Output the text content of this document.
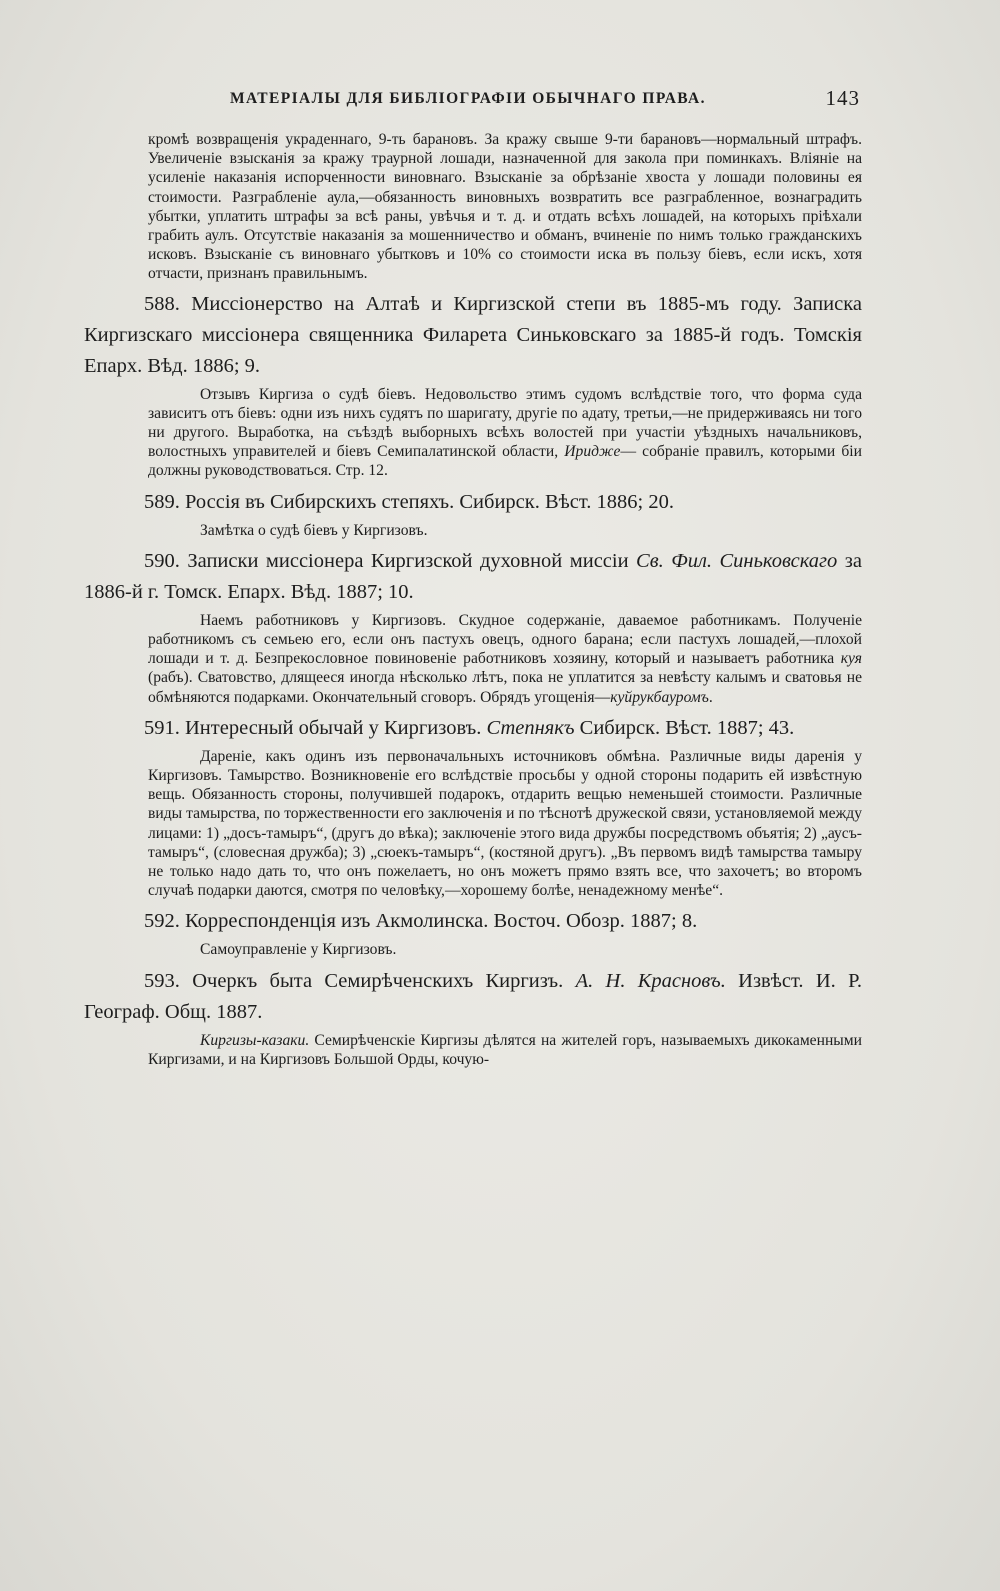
МАТЕРІАЛЫ ДЛЯ БИБЛІОГРАФІИ ОБЫЧНАГО ПРАВА.	143

кромѣ возвращенія украденнаго, 9-ть барановъ. За кражу свыше 9-ти барановъ—нормальный штрафъ. Увеличеніе взысканія за кражу траурной лошади, назначенной для закола при поминкахъ. Вліяніе на усиленіе наказанія испорченности виновнаго. Взысканіе за обрѣзаніе хвоста у лошади половины ея стоимости. Разграбленіе аула,—обязанность виновныхъ возвратить все разграбленное, вознаградить убытки, уплатить штрафы за всѣ раны, увѣчья и т. д. и отдать всѣхъ лошадей, на которыхъ пріѣхали грабить аулъ. Отсутствіе наказанія за мошенничество и обманъ, вчиненіе по нимъ только гражданскихъ исковъ. Взысканіе съ виновнаго убытковъ и 10% со стоимости иска въ пользу біевъ, если искъ, хотя отчасти, признанъ правильнымъ.

588. Миссіонерство на Алтаѣ и Киргизской степи въ 1885-мъ году. Записка Киргизскаго миссіонера священника Филарета Синьковскаго за 1885-й годъ. Томскія Епарх. Вѣд. 1886; 9.

Отзывъ Киргиза о судѣ біевъ. Недовольство этимъ судомъ вслѣдствіе того, что форма суда зависитъ отъ біевъ: одни изъ нихъ судятъ по шаригату, другіе по адату, третьи,—не придерживаясь ни того ни другого. Выработка, на съѣздѣ выборныхъ всѣхъ волостей при участіи уѣздныхъ начальниковъ, волостныхъ управителей и біевъ Семипалатинской области, Ириджe— собраніе правилъ, которыми біи должны руководствоваться. Стр. 12.

589. Россія въ Сибирскихъ степяхъ. Сибирск. Вѣст. 1886; 20.

Замѣтка о судѣ біевъ у Киргизовъ.

590. Записки миссіонера Киргизской духовной миссіи Св. Фил. Синьковскаго за 1886-й г. Томск. Епарх. Вѣд. 1887; 10.

Наемъ работниковъ у Киргизовъ. Скудное содержаніе, даваемое работникамъ. Полученіе работникомъ съ семьею его, если онъ пастухъ овецъ, одного барана; если пастухъ лошадей,—плохой лошади и т. д. Безпрекословное повиновеніе работниковъ хозяину, который и называетъ работника куя (рабъ). Сватовство, длящееся иногда нѣсколько лѣтъ, пока не уплатится за невѣсту калымъ и сватовья не обмѣняются подарками. Окончательный сговоръ. Обрядъ угощенія—куйрукбауромъ.

591. Интересный обычай у Киргизовъ. Степнякъ Сибирск. Вѣст. 1887; 43.

Дареніе, какъ одинъ изъ первоначальныхъ источниковъ обмѣна. Различные виды даренія у Киргизовъ. Тамырство. Возникновеніе его вслѣдствіе просьбы у одной стороны подарить ей извѣстную вещь. Обязанность стороны, получившей подарокъ, отдарить вещью неменьшей стоимости. Различные виды тамырства, по торжественности его заключенія и по тѣснотѣ дружеской связи, установляемой между лицами: 1) „досъ-тамыръ“, (другъ до вѣка); заключеніе этого вида дружбы посредствомъ объятія; 2) „аусъ-тамыръ“, (словесная дружба); 3) „сюекъ-тамыръ“, (костяной другъ). „Въ первомъ видѣ тамырства тамыру не только надо дать то, что онъ пожелаетъ, но онъ можетъ прямо взять все, что захочетъ; во второмъ случаѣ подарки даются, смотря по человѣку,—хорошему болѣе, ненадежному менѣе“.

592. Корреспонденція изъ Акмолинска. Восточ. Обозр. 1887; 8.

Самоуправленіе у Киргизовъ.

593. Очеркъ быта Семирѣченскихъ Киргизъ. А. Н. Красновъ. Извѣст. И. Р. Географ. Общ. 1887.

Киргизы-казаки. Семирѣченскіе Киргизы дѣлятся на жителей горъ, называемыхъ дикокаменными Киргизами, и на Киргизовъ Большой Орды, кочую-
